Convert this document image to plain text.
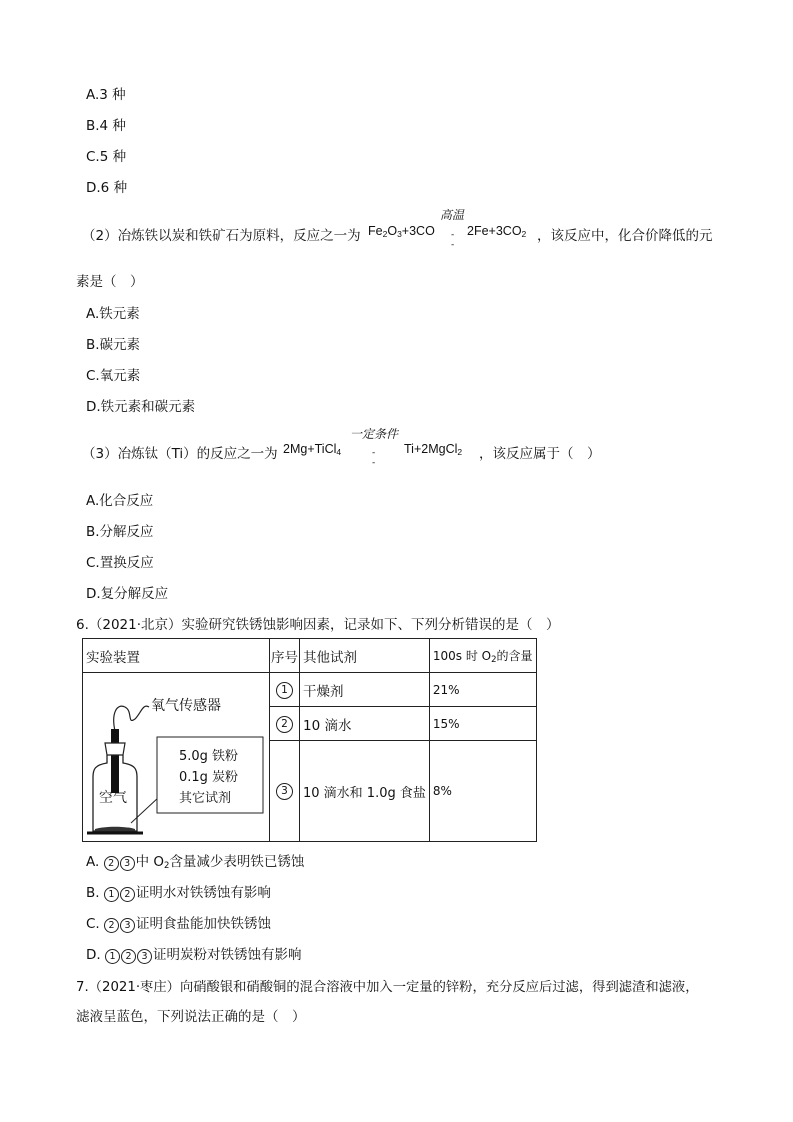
A.3 种
B.4 种
C.5 种
D.6 种
（2）冶炼铁以炭和铁矿石为原料，反应之一为 $Fe_2O_3+3CO$
高温
-
-
$2Fe+3CO_2$ ，该反应中，化合价降低的元
素是（　）
A.铁元素
B.碳元素
C.氧元素
D.铁元素和碳元素
（3）冶炼钛（Ti）的反应之一为 2Mg+TiCl$_4$
一定条件
-
-
Ti+2MgCl$_2$ ，该反应属于（　）
A.化合反应
B.分解反应
C.置换反应
D.复分解反应
6.（2021·北京）实验研究铁锈蚀影响因素，记录如下、下列分析错误的是（　）
实验装置	序号	其他试剂	100s 时 $O_2$的含量

氧气传感器
空气
5.0g 铁粉
0.1g 炭粉
其它试剂	1	干燥剂	21%
	2	10 滴水	15%
	3	10 滴水和 1.0g 食盐	8%
A. 2 3 中 $O_2$含量减少表明铁已锈蚀
B. 1 2 证明水对铁锈蚀有影响
C. 2 3 证明食盐能加快铁锈蚀
D. 1 2 3 证明炭粉对铁锈蚀有影响
7.（2021·枣庄）向硝酸银和硝酸铜的混合溶液中加入一定量的锌粉，充分反应后过滤，得到滤渣和滤液，
滤液呈蓝色，下列说法正确的是（　）
